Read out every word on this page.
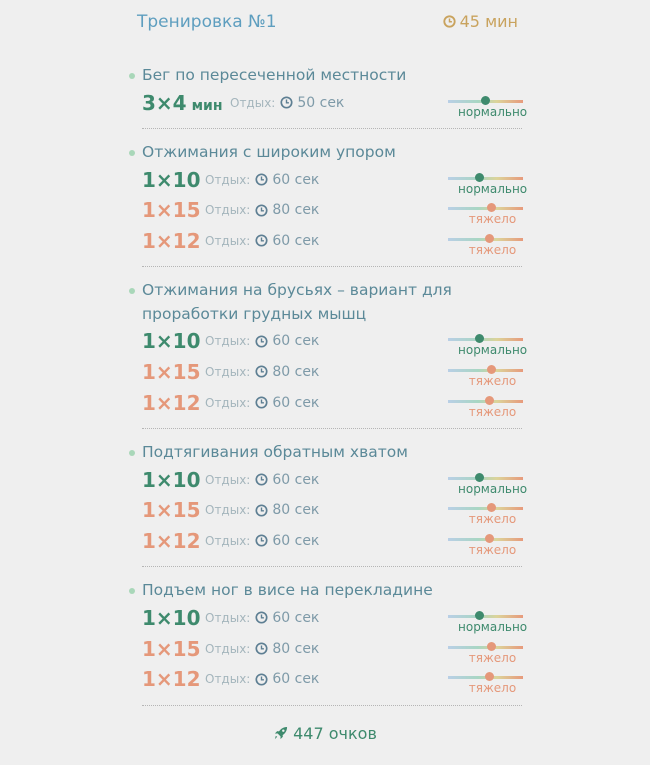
Тренировка №1	45 мин
Бег по пересеченной местности
3×4 мин Отдых: 50 сек
нормально
Отжимания с широким упором
1×10 Отдых: 60 сек
нормально
1×15 Отдых: 80 сек
тяжело
1×12 Отдых: 60 сек
тяжело
Отжимания на брусьях – вариант для проработки грудных мышц
1×10 Отдых: 60 сек
нормально
1×15 Отдых: 80 сек
тяжело
1×12 Отдых: 60 сек
тяжело
Подтягивания обратным хватом
1×10 Отдых: 60 сек
нормально
1×15 Отдых: 80 сек
тяжело
1×12 Отдых: 60 сек
тяжело
Подъем ног в висе на перекладине
1×10 Отдых: 60 сек
нормально
1×15 Отдых: 80 сек
тяжело
1×12 Отдых: 60 сек
тяжело
447 очков
